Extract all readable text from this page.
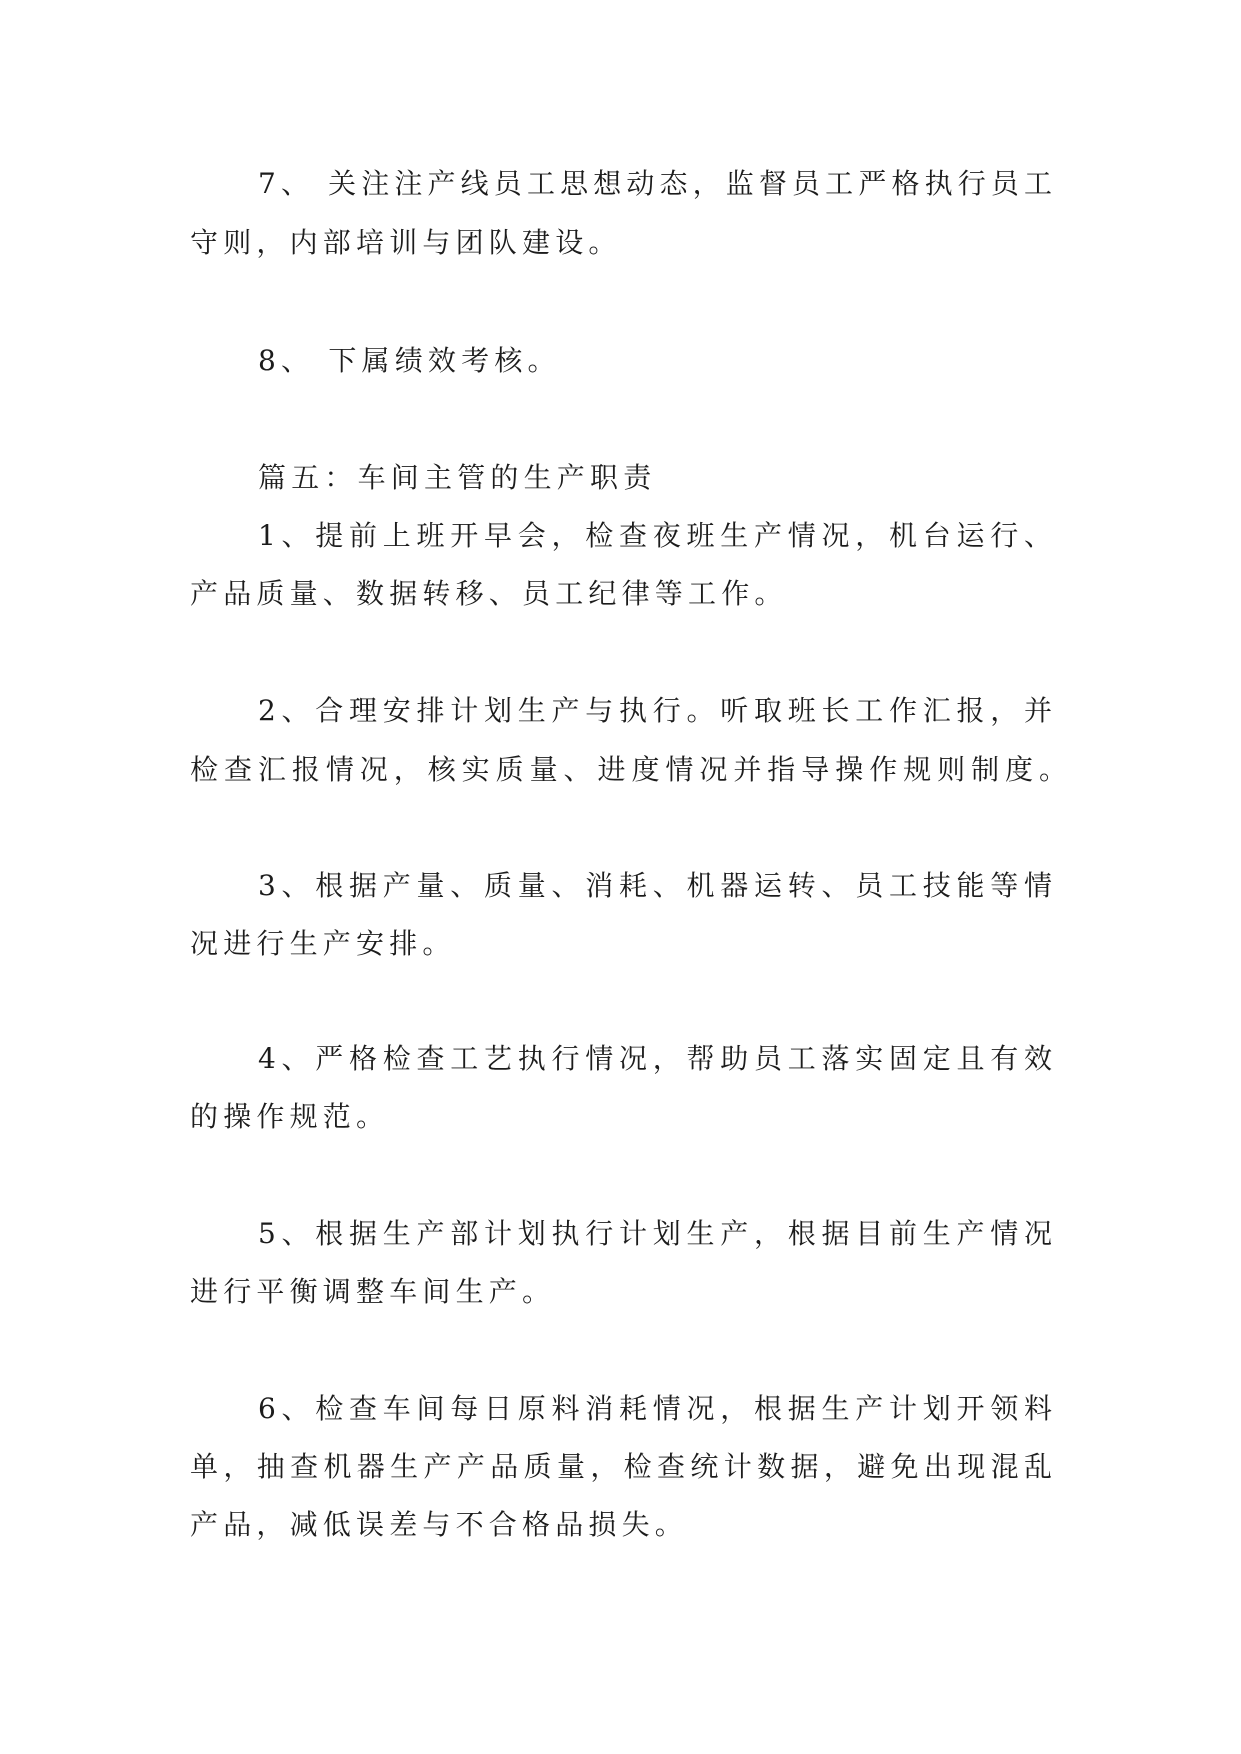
7、 关注注产线员工思想动态，监督员工严格执行员工
守则，内部培训与团队建设。
8、 下属绩效考核。
篇五：车间主管的生产职责
1、提前上班开早会，检查夜班生产情况，机台运行、
产品质量、数据转移、员工纪律等工作。
2、合理安排计划生产与执行。听取班长工作汇报，并
检查汇报情况，核实质量、进度情况并指导操作规则制度。
3、根据产量、质量、消耗、机器运转、员工技能等情
况进行生产安排。
4、严格检查工艺执行情况，帮助员工落实固定且有效
的操作规范。
5、根据生产部计划执行计划生产，根据目前生产情况
进行平衡调整车间生产。
6、检查车间每日原料消耗情况，根据生产计划开领料
单，抽查机器生产产品质量，检查统计数据，避免出现混乱
产品，减低误差与不合格品损失。
